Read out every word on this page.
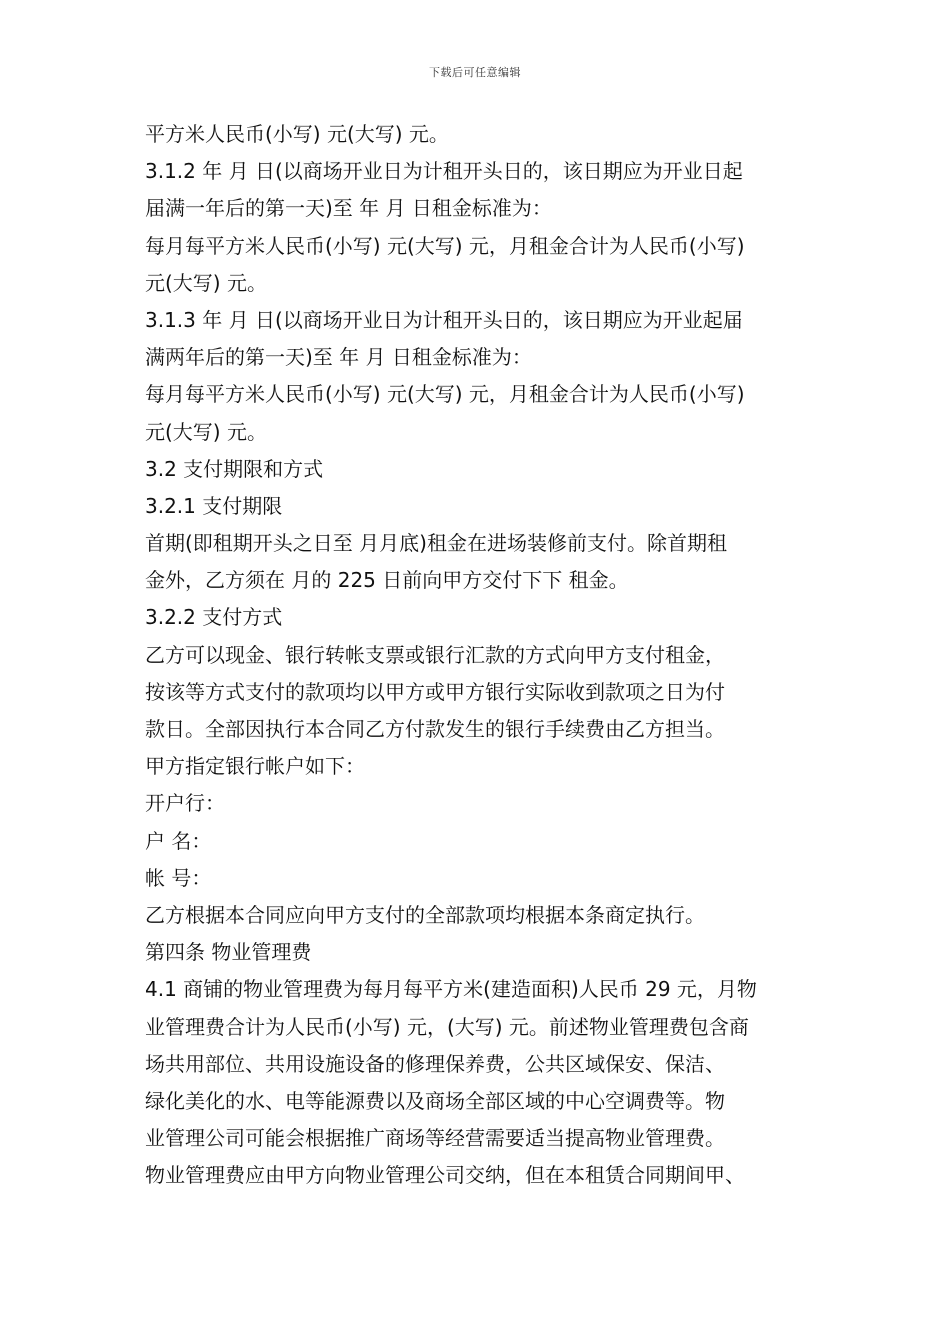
下载后可任意编辑
平方米人民币(小写) 元(大写) 元。
3.1.2 年 月 日(以商场开业日为计租开头日的，该日期应为开业日起
届满一年后的第一天)至 年 月 日租金标准为：
每月每平方米人民币(小写) 元(大写) 元，月租金合计为人民币(小写)
元(大写) 元。
3.1.3 年 月 日(以商场开业日为计租开头日的，该日期应为开业起届
满两年后的第一天)至 年 月 日租金标准为：
每月每平方米人民币(小写) 元(大写) 元，月租金合计为人民币(小写)
元(大写) 元。
3.2 支付期限和方式
3.2.1 支付期限
首期(即租期开头之日至 月月底)租金在进场装修前支付。除首期租
金外，乙方须在 月的 225 日前向甲方交付下下 租金。
3.2.2 支付方式
乙方可以现金、银行转帐支票或银行汇款的方式向甲方支付租金，
按该等方式支付的款项均以甲方或甲方银行实际收到款项之日为付
款日。全部因执行本合同乙方付款发生的银行手续费由乙方担当。
甲方指定银行帐户如下：
开户行：
户 名：
帐 号：
乙方根据本合同应向甲方支付的全部款项均根据本条商定执行。
第四条 物业管理费
4.1 商铺的物业管理费为每月每平方米(建造面积)人民币 29 元，月物
业管理费合计为人民币(小写) 元，(大写) 元。前述物业管理费包含商
场共用部位、共用设施设备的修理保养费，公共区域保安、保洁、
绿化美化的水、电等能源费以及商场全部区域的中心空调费等。物
业管理公司可能会根据推广商场等经营需要适当提高物业管理费。
物业管理费应由甲方向物业管理公司交纳，但在本租赁合同期间甲、
